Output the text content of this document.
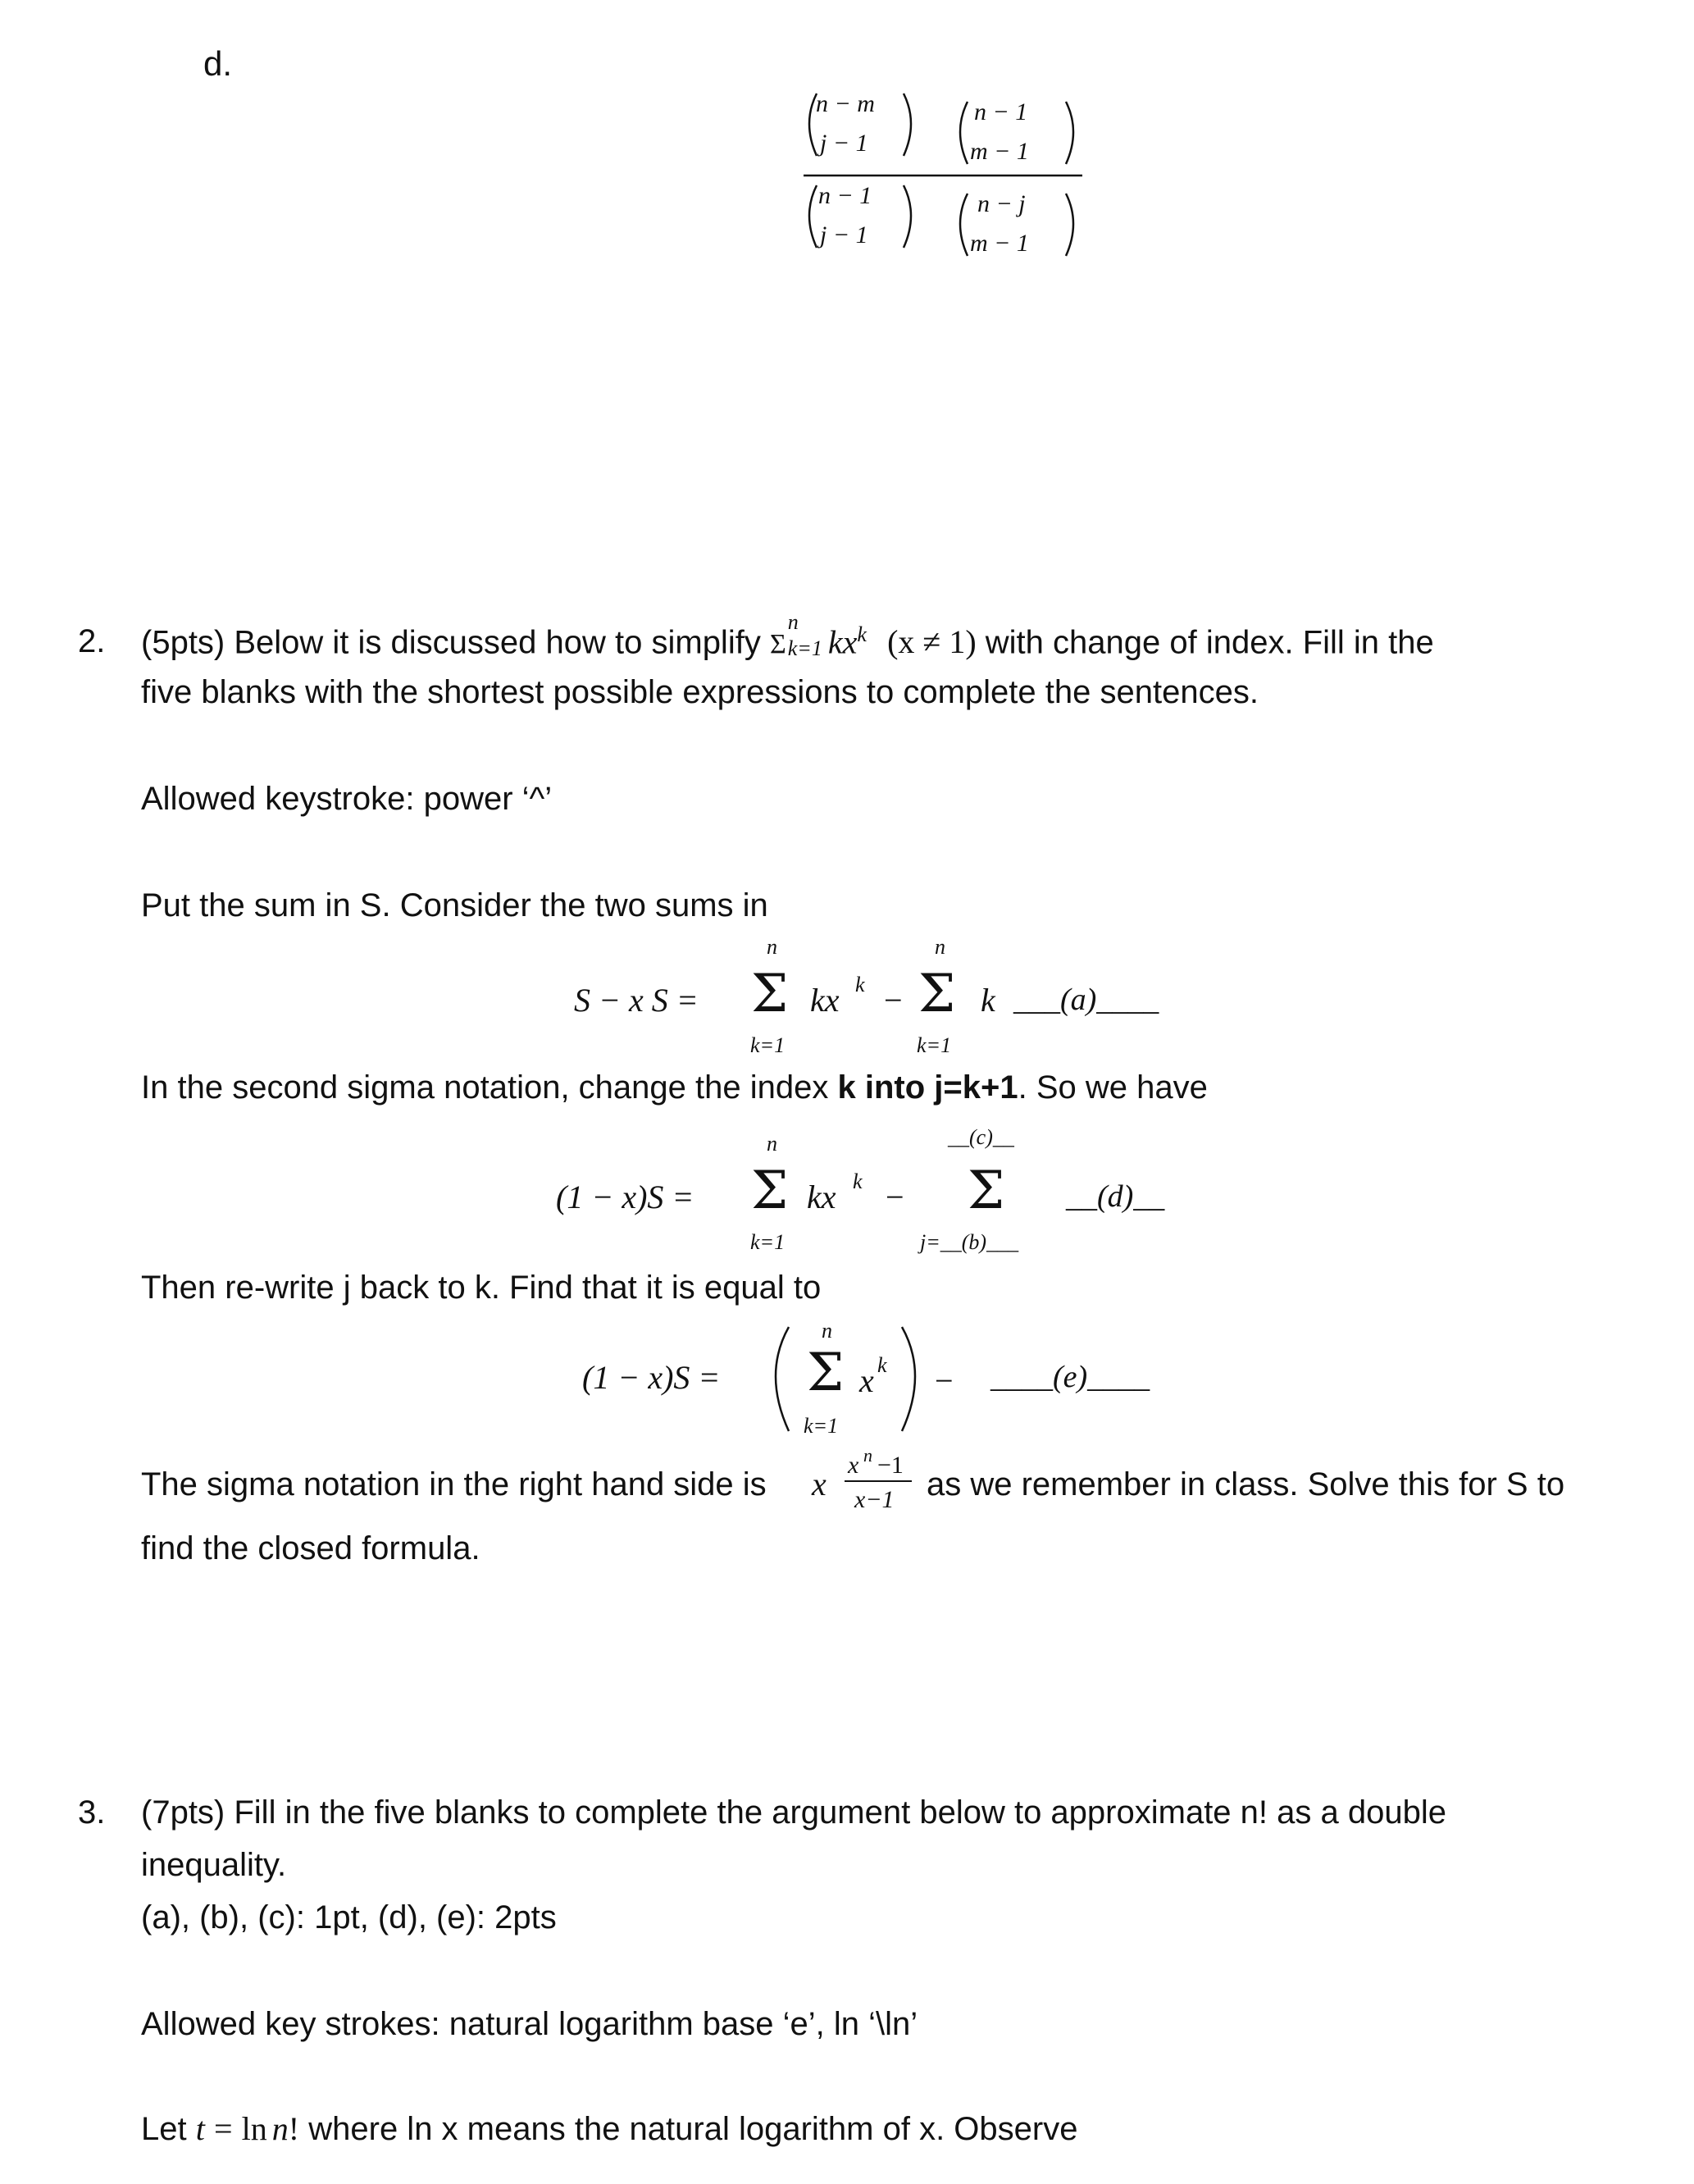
d.
n − m
j − 1
n − 1
m − 1
n − 1
j − 1
n − j
m − 1
2. (5pts) Below it is discussed how to simplify Σ
n
k=1 $kx^k$ (x ≠ 1) with change of index. Fill in the
five blanks with the shortest possible expressions to complete the sentences.
Allowed keystroke: power ‘^’
Put the sum in S. Consider the two sums in
S − x S =
n
Σ
k=1
kx k −
n
Σ
k=1
k ___(a)____
In the second sigma notation, change the index k into j=k+1. So we have
(1 − x)S =
n
Σ
k=1
kx k −
__(c)__
Σ
j=__(b)___
__(d)__
Then re-write j back to k. Find that it is equal to
(1 − x)S =
n
Σ
k=1
x k − ____(e)____
The sigma notation in the right hand side is x
x n −1
x−1 as we remember in class. Solve this for S to
find the closed formula.
3. (7pts) Fill in the five blanks to complete the argument below to approximate n! as a double
inequality.
(a), (b), (c): 1pt, (d), (e): 2pts
Allowed key strokes: natural logarithm base ‘e’, ln ‘\ln’
Let t = ln n! where ln x means the natural logarithm of x. Observe
